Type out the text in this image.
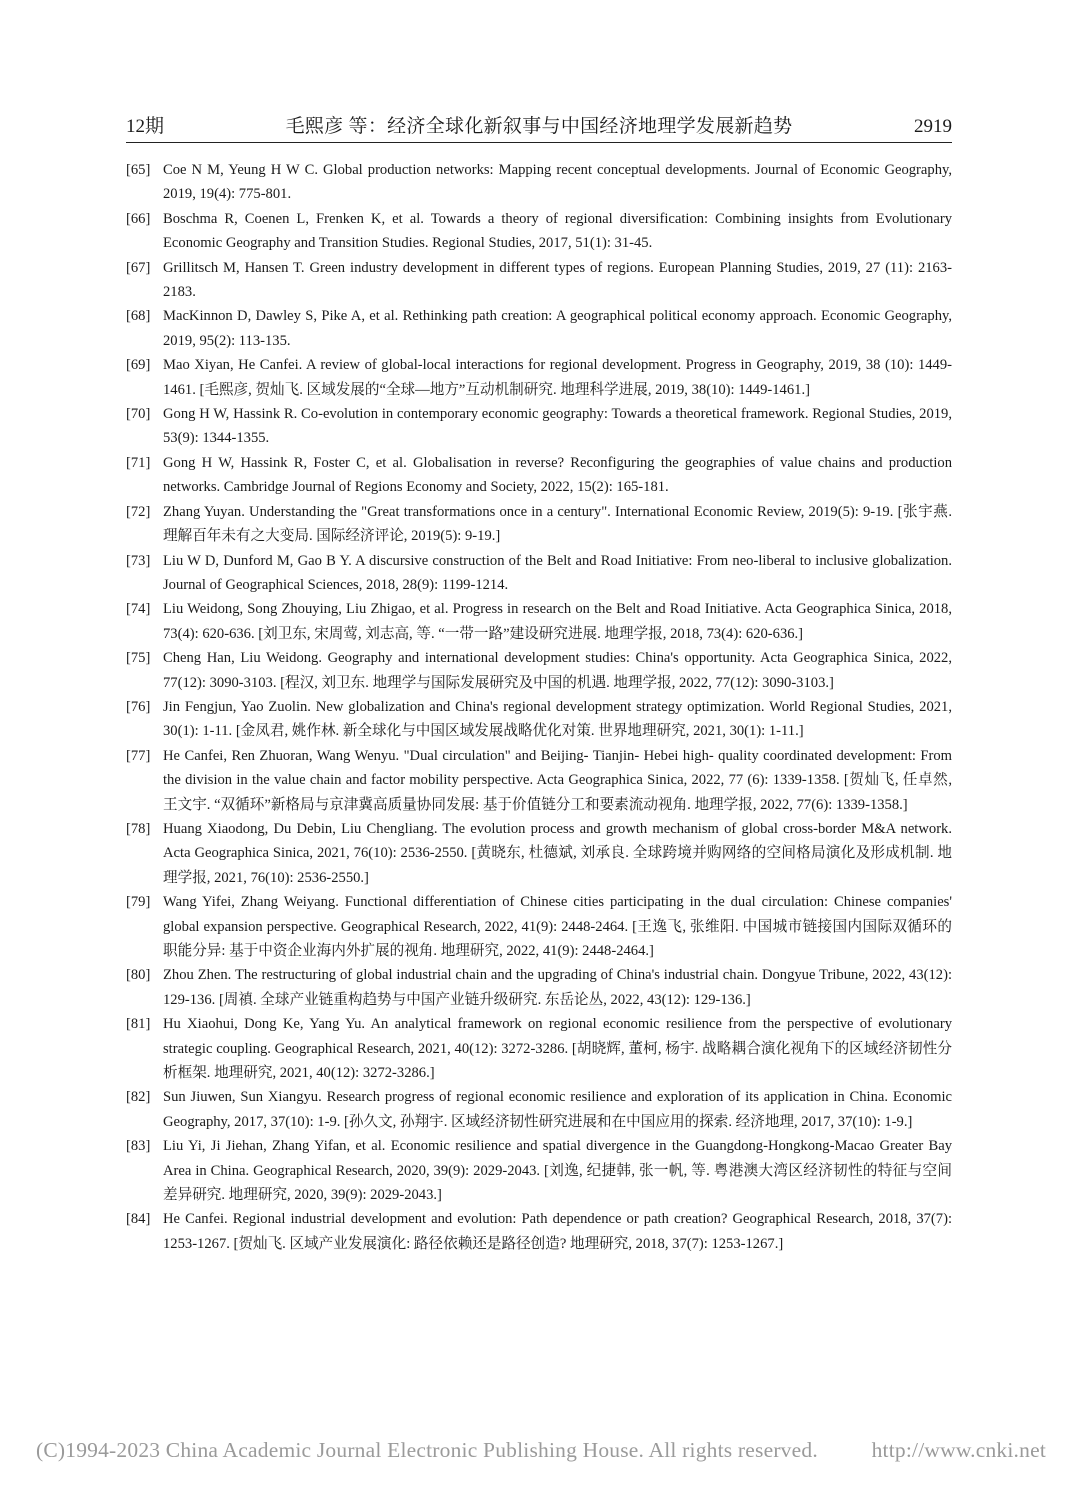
12期	毛熙彦 等：经济全球化新叙事与中国经济地理学发展新趋势	2919
[65] Coe N M, Yeung H W C. Global production networks: Mapping recent conceptual developments. Journal of Economic Geography, 2019, 19(4): 775-801.
[66] Boschma R, Coenen L, Frenken K, et al. Towards a theory of regional diversification: Combining insights from Evolutionary Economic Geography and Transition Studies. Regional Studies, 2017, 51(1): 31-45.
[67] Grillitsch M, Hansen T. Green industry development in different types of regions. European Planning Studies, 2019, 27 (11): 2163-2183.
[68] MacKinnon D, Dawley S, Pike A, et al. Rethinking path creation: A geographical political economy approach. Economic Geography, 2019, 95(2): 113-135.
[69] Mao Xiyan, He Canfei. A review of global-local interactions for regional development. Progress in Geography, 2019, 38 (10): 1449-1461. [毛熙彦, 贺灿飞. 区域发展的“全球—地方”互动机制研究. 地理科学进展, 2019, 38(10): 1449-1461.]
[70] Gong H W, Hassink R. Co-evolution in contemporary economic geography: Towards a theoretical framework. Regional Studies, 2019, 53(9): 1344-1355.
[71] Gong H W, Hassink R, Foster C, et al. Globalisation in reverse? Reconfiguring the geographies of value chains and production networks. Cambridge Journal of Regions Economy and Society, 2022, 15(2): 165-181.
[72] Zhang Yuyan. Understanding the "Great transformations once in a century". International Economic Review, 2019(5): 9-19. [张宇燕. 理解百年未有之大变局. 国际经济评论, 2019(5): 9-19.]
[73] Liu W D, Dunford M, Gao B Y. A discursive construction of the Belt and Road Initiative: From neo-liberal to inclusive globalization. Journal of Geographical Sciences, 2018, 28(9): 1199-1214.
[74] Liu Weidong, Song Zhouying, Liu Zhigao, et al. Progress in research on the Belt and Road Initiative. Acta Geographica Sinica, 2018, 73(4): 620-636. [刘卫东, 宋周莺, 刘志高, 等. “一带一路”建设研究进展. 地理学报, 2018, 73(4): 620-636.]
[75] Cheng Han, Liu Weidong. Geography and international development studies: China's opportunity. Acta Geographica Sinica, 2022, 77(12): 3090-3103. [程汉, 刘卫东. 地理学与国际发展研究及中国的机遇. 地理学报, 2022, 77(12): 3090-3103.]
[76] Jin Fengjun, Yao Zuolin. New globalization and China's regional development strategy optimization. World Regional Studies, 2021, 30(1): 1-11. [金凤君, 姚作林. 新全球化与中国区域发展战略优化对策. 世界地理研究, 2021, 30(1): 1-11.]
[77] He Canfei, Ren Zhuoran, Wang Wenyu. "Dual circulation" and Beijing- Tianjin- Hebei high- quality coordinated development: From the division in the value chain and factor mobility perspective. Acta Geographica Sinica, 2022, 77 (6): 1339-1358. [贺灿飞, 任卓然, 王文宇. “双循环”新格局与京津冀高质量协同发展: 基于价值链分工和要素流动视角. 地理学报, 2022, 77(6): 1339-1358.]
[78] Huang Xiaodong, Du Debin, Liu Chengliang. The evolution process and growth mechanism of global cross-border M&A network. Acta Geographica Sinica, 2021, 76(10): 2536-2550. [黄晓东, 杜德斌, 刘承良. 全球跨境并购网络的空间格局演化及形成机制. 地理学报, 2021, 76(10): 2536-2550.]
[79] Wang Yifei, Zhang Weiyang. Functional differentiation of Chinese cities participating in the dual circulation: Chinese companies' global expansion perspective. Geographical Research, 2022, 41(9): 2448-2464. [王逸飞, 张维阳. 中国城市链接国内国际双循环的职能分异: 基于中资企业海内外扩展的视角. 地理研究, 2022, 41(9): 2448-2464.]
[80] Zhou Zhen. The restructuring of global industrial chain and the upgrading of China's industrial chain. Dongyue Tribune, 2022, 43(12): 129-136. [周禛. 全球产业链重构趋势与中国产业链升级研究. 东岳论丛, 2022, 43(12): 129-136.]
[81] Hu Xiaohui, Dong Ke, Yang Yu. An analytical framework on regional economic resilience from the perspective of evolutionary strategic coupling. Geographical Research, 2021, 40(12): 3272-3286. [胡晓辉, 董柯, 杨宇. 战略耦合演化视角下的区域经济韧性分析框架. 地理研究, 2021, 40(12): 3272-3286.]
[82] Sun Jiuwen, Sun Xiangyu. Research progress of regional economic resilience and exploration of its application in China. Economic Geography, 2017, 37(10): 1-9. [孙久文, 孙翔宇. 区域经济韧性研究进展和在中国应用的探索. 经济地理, 2017, 37(10): 1-9.]
[83] Liu Yi, Ji Jiehan, Zhang Yifan, et al. Economic resilience and spatial divergence in the Guangdong-Hongkong-Macao Greater Bay Area in China. Geographical Research, 2020, 39(9): 2029-2043. [刘逸, 纪捷韩, 张一帆, 等. 粤港澳大湾区经济韧性的特征与空间差异研究. 地理研究, 2020, 39(9): 2029-2043.]
[84] He Canfei. Regional industrial development and evolution: Path dependence or path creation? Geographical Research, 2018, 37(7): 1253-1267. [贺灿飞. 区域产业发展演化: 路径依赖还是路径创造? 地理研究, 2018, 37(7): 1253-1267.]
(C)1994-2023 China Academic Journal Electronic Publishing House. All rights reserved. http://www.cnki.net
